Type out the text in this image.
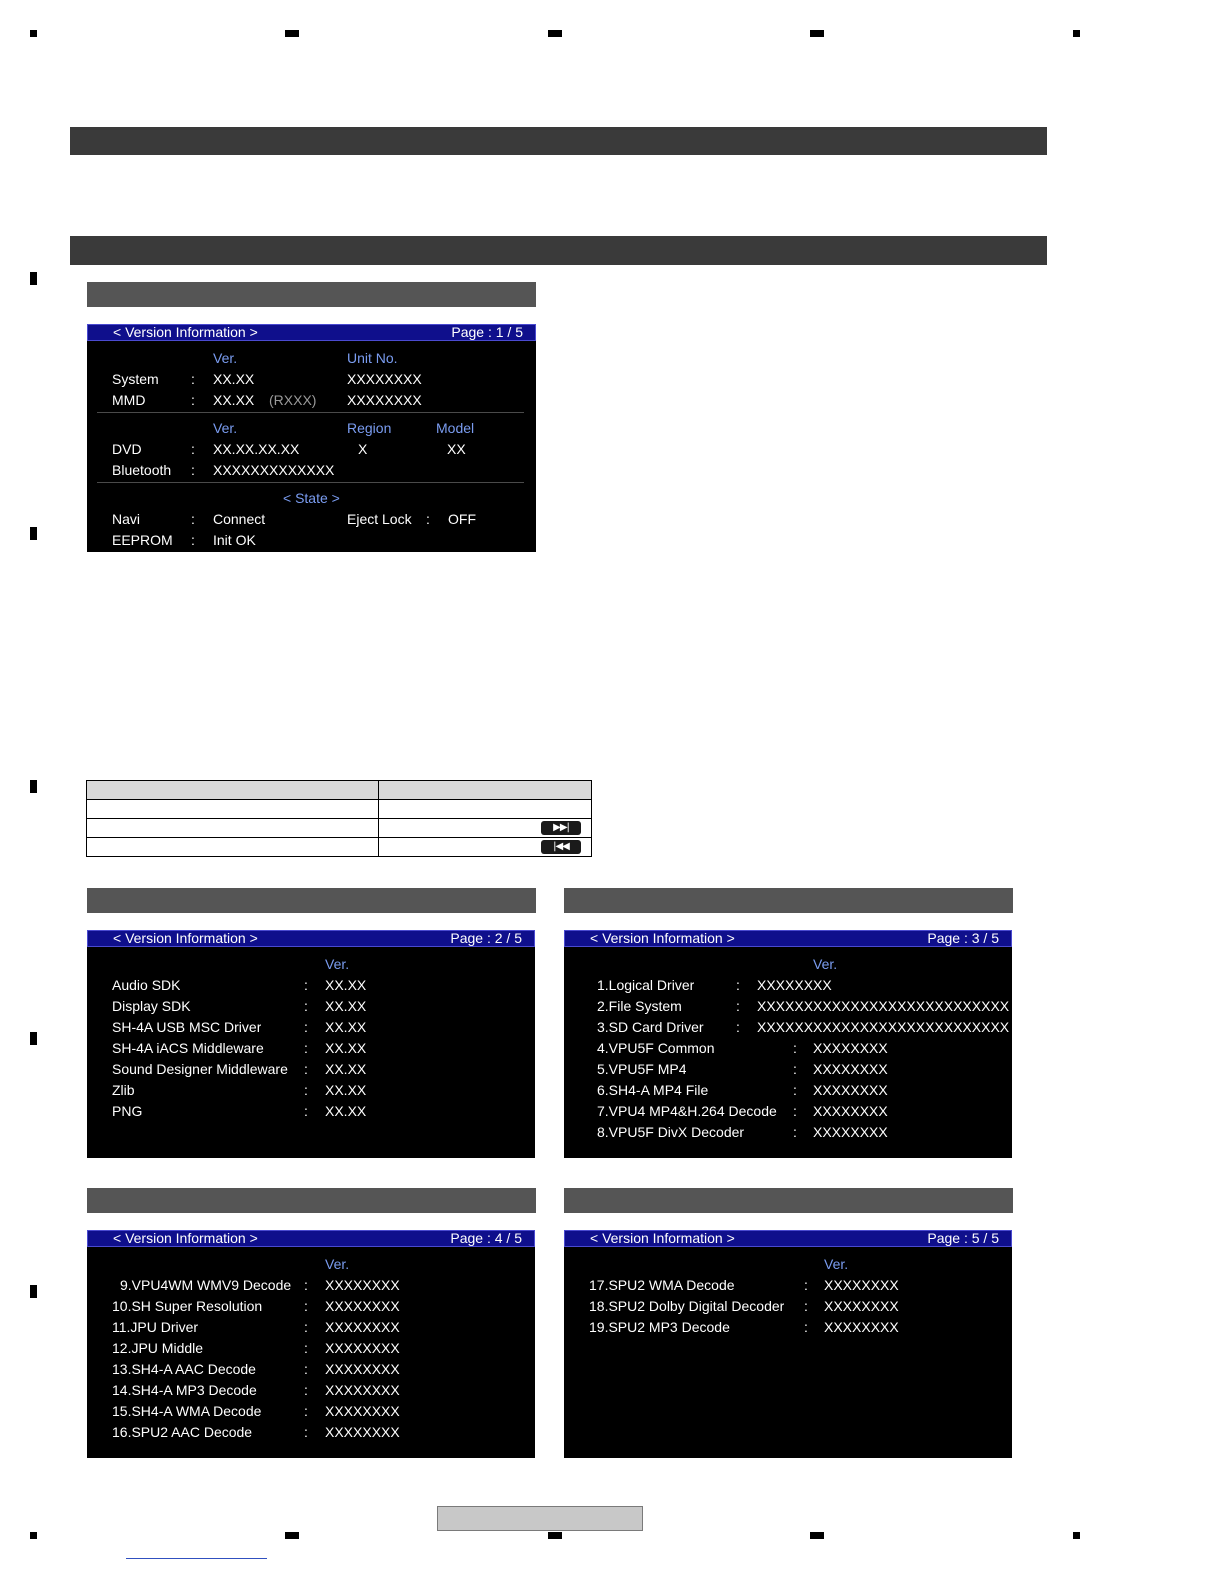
< Version Information >	Page : 1 / 5
Ver.	Unit No.
System : XX.XX	XXXXXXXX
MMD	: XX.XX (RXXX) XXXXXXXX
Ver.	Region	Model
DVD	: XX.XX.XX.XX	X	XX
Bluetooth : XXXXXXXXXXXXX
< State >
Navi	: Connect	Eject Lock : OFF
EEPROM : Init OK

	▶▶|

	|◀◀
< Version Information >	Page : 2 / 5
Ver.
Audio SDK	: XX.XX
Display SDK	: XX.XX
SH-4A USB MSC Driver	: XX.XX
SH-4A iACS Middleware	: XX.XX
Sound Designer Middleware : XX.XX
Zlib	: XX.XX
PNG	: XX.XX
< Version Information >	Page : 3 / 5
Ver.
1.Logical Driver	: XXXXXXXX
2.File System	: XXXXXXXXXXXXXXXXXXXXXXXXXXX
3.SD Card Driver : XXXXXXXXXXXXXXXXXXXXXXXXXXX
4.VPU5F Common	: XXXXXXXX
5.VPU5F MP4	: XXXXXXXX
6.SH4-A MP4 File	: XXXXXXXX
7.VPU4 MP4&H.264 Decode : XXXXXXXX
8.VPU5F DivX Decoder	: XXXXXXXX
< Version Information >	Page : 4 / 5
Ver.
9.VPU4WM WMV9 Decode : XXXXXXXX
10.SH Super Resolution	: XXXXXXXX
11.JPU Driver	: XXXXXXXX
12.JPU Middle	: XXXXXXXX
13.SH4-A AAC Decode	: XXXXXXXX
14.SH4-A MP3 Decode	: XXXXXXXX
15.SH4-A WMA Decode	: XXXXXXXX
16.SPU2 AAC Decode	: XXXXXXXX
< Version Information >	Page : 5 / 5
Ver.
17.SPU2 WMA Decode	: XXXXXXXX
18.SPU2 Dolby Digital Decoder : XXXXXXXX
19.SPU2 MP3 Decode	: XXXXXXXX
